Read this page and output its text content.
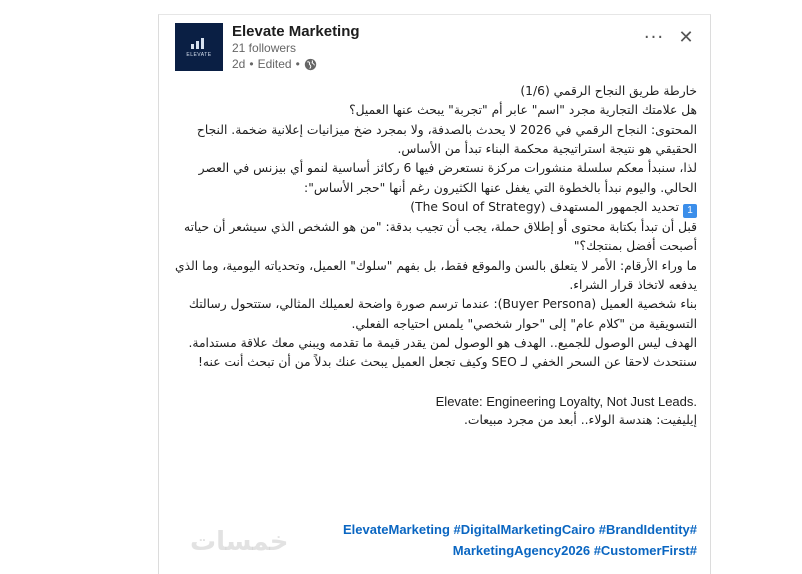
ELEVATE
Elevate Marketing
21 followers
2d • Edited •
··· ✕

خارطة طريق النجاح الرقمي (1/6)

هل علامتك التجارية مجرد "اسم" عابر أم "تجربة" يبحث عنها العميل؟

المحتوى: النجاح الرقمي في 2026 لا يحدث بالصدفة، ولا بمجرد ضخ ميزانيات إعلانية ضخمة. النجاح الحقيقي هو نتيجة استراتيجية محكمة البناء تبدأ من الأساس.

لذا، سنبدأ معكم سلسلة منشورات مركزة نستعرض فيها 6 ركائز أساسية لنمو أي بيزنس في العصر الحالي. واليوم نبدأ بالخطوة التي يغفل عنها الكثيرون رغم أنها "حجر الأساس":

1تحديد الجمهور المستهدف (The Soul of Strategy)

قبل أن تبدأ بكتابة محتوى أو إطلاق حملة، يجب أن تجيب بدقة: "من هو الشخص الذي سيشعر أن حياته أصبحت أفضل بمنتجك؟"

ما وراء الأرقام: الأمر لا يتعلق بالسن والموقع فقط، بل بفهم "سلوك" العميل، وتحدياته اليومية، وما الذي يدفعه لاتخاذ قرار الشراء.

بناء شخصية العميل (Buyer Persona): عندما ترسم صورة واضحة لعميلك المثالي، ستتحول رسالتك التسويقية من "كلام عام" إلى "حوار شخصي" يلمس احتياجه الفعلي.

الهدف ليس الوصول للجميع.. الهدف هو الوصول لمن يقدر قيمة ما تقدمه ويبني معك علاقة مستدامة.

سنتحدث لاحقا عن السحر الخفي لـ SEO وكيف تجعل العميل يبحث عنك بدلاً من أن تبحث أنت عنه!

Elevate: Engineering Loyalty, Not Just Leads.

إيليفيت: هندسة الولاء.. أبعد من مجرد مبيعات.

ElevateMarketing #DigitalMarketingCairo #BrandIdentity#
MarketingAgency2026 #CustomerFirst#
خمسات
